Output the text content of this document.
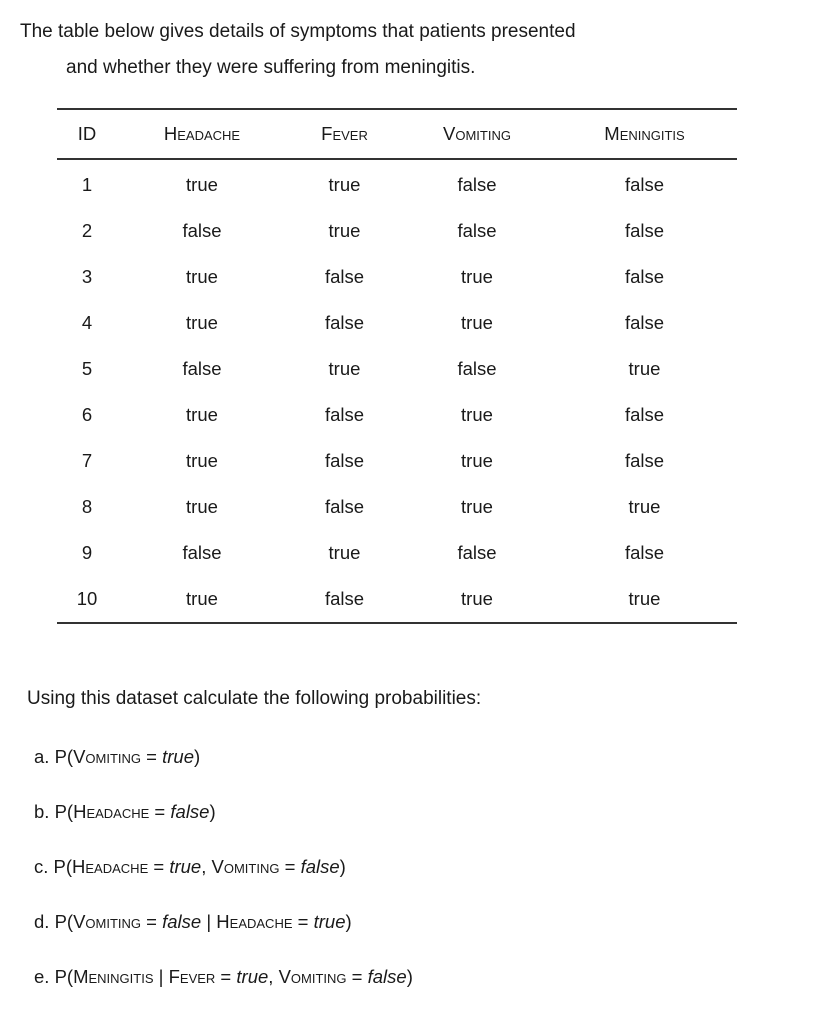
The table below gives details of symptoms that patients presented
and whether they were suffering from meningitis.
ID	Headache	Fever	Vomiting	Meningitis
1	true	true	false	false
2	false	true	false	false
3	true	false	true	false
4	true	false	true	false
5	false	true	false	true
6	true	false	true	false
7	true	false	true	false
8	true	false	true	true
9	false	true	false	false
10	true	false	true	true
Using this dataset calculate the following probabilities:
a. P(Vomiting = true)
b. P(Headache = false)
c. P(Headache = true, Vomiting = false)
d. P(Vomiting = false | Headache = true)
e. P(Meningitis | Fever = true, Vomiting = false)
